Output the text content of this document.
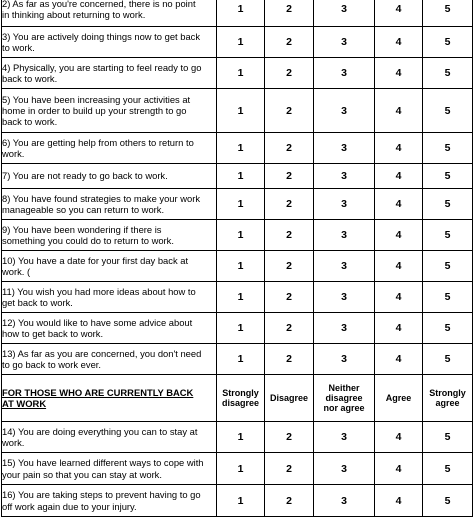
2) As far as you're concerned, there is no point
in thinking about returning to work.	1	2	3	4	5

3) You are actively doing things now to get back
to work.	1	2	3	4	5

4) Physically, you are starting to feel ready to go
back to work.	1	2	3	4	5

5) You have been increasing your activities at
home in order to build up your strength to go
back to work.	1	2	3	4	5

6) You are getting help from others to return to
work.	1	2	3	4	5

7) You are not ready to go back to work.	1	2	3	4	5

8) You have found strategies to make your work
manageable so you can return to work.	1	2	3	4	5

9) You have been wondering if there is
something you could do to return to work.	1	2	3	4	5

10) You have a date for your first day back at
work. (	1	2	3	4	5

11) You wish you had more ideas about how to
get back to work.	1	2	3	4	5

12) You would like to have some advice about
how to get back to work.	1	2	3	4	5

13) As far as you are concerned, you don't need
to go back to work ever.	1	2	3	4	5

FOR THOSE WHO ARE CURRENTLY BACK
AT WORK	Strongly
disagree	Disagree	Neither
disagree
nor agree	Agree	Strongly
agree

14) You are doing everything you can to stay at
work.	1	2	3	4	5

15) You have learned different ways to cope with
your pain so that you can stay at work.	1	2	3	4	5

16) You are taking steps to prevent having to go
off work again due to your injury.	1	2	3	4	5
